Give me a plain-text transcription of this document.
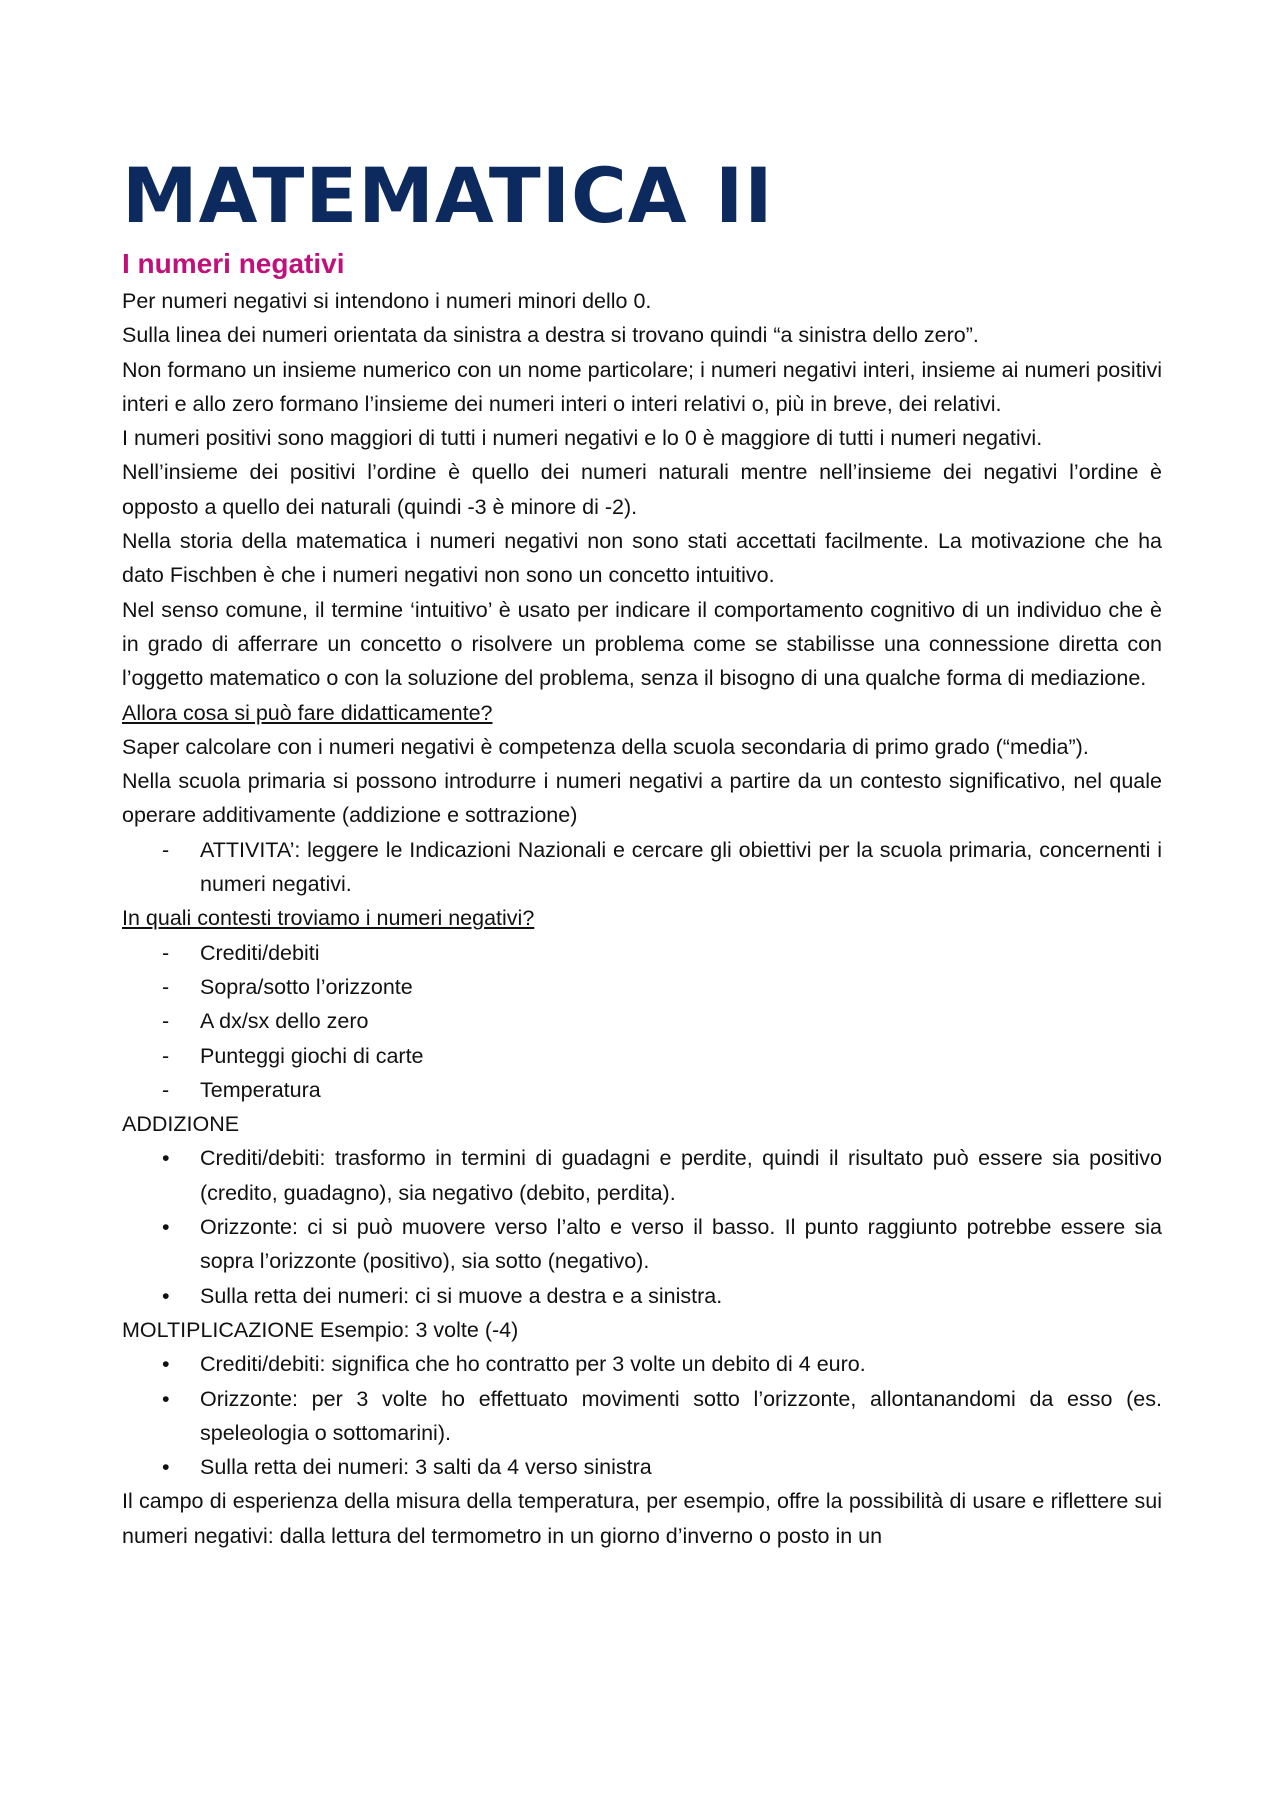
MATEMATICA II
I numeri negativi

Per numeri negativi si intendono i numeri minori dello 0.

Sulla linea dei numeri orientata da sinistra a destra si trovano quindi “a sinistra dello zero”.

Non formano un insieme numerico con un nome particolare; i numeri negativi interi, insieme ai numeri positivi interi e allo zero formano l’insieme dei numeri interi o interi relativi o, più in breve, dei relativi.

I numeri positivi sono maggiori di tutti i numeri negativi e lo 0 è maggiore di tutti i numeri negativi.

Nell’insieme dei positivi l’ordine è quello dei numeri naturali mentre nell’insieme dei negativi l’ordine è opposto a quello dei naturali (quindi -3 è minore di -2).

Nella storia della matematica i numeri negativi non sono stati accettati facilmente. La motivazione che ha dato Fischben è che i numeri negativi non sono un concetto intuitivo.

Nel senso comune, il termine ‘intuitivo’ è usato per indicare il comportamento cognitivo di un individuo che è in grado di afferrare un concetto o risolvere un problema come se stabilisse una connessione diretta con l’oggetto matematico o con la soluzione del problema, senza il bisogno di una qualche forma di mediazione.

Allora cosa si può fare didatticamente?

Saper calcolare con i numeri negativi è competenza della scuola secondaria di primo grado (“media”).

Nella scuola primaria si possono introdurre i numeri negativi a partire da un contesto significativo, nel quale operare additivamente (addizione e sottrazione)

- ATTIVITA’: leggere le Indicazioni Nazionali e cercare gli obiettivi per la scuola primaria, concernenti i numeri negativi.

In quali contesti troviamo i numeri negativi?

- Crediti/debiti
- Sopra/sotto l’orizzonte
- A dx/sx dello zero
- Punteggi giochi di carte
- Temperatura

ADDIZIONE

• Crediti/debiti: trasformo in termini di guadagni e perdite, quindi il risultato può essere sia positivo (credito, guadagno), sia negativo (debito, perdita).
• Orizzonte: ci si può muovere verso l’alto e verso il basso. Il punto raggiunto potrebbe essere sia sopra l’orizzonte (positivo), sia sotto (negativo).
• Sulla retta dei numeri: ci si muove a destra e a sinistra.

MOLTIPLICAZIONE Esempio: 3 volte (-4)

• Crediti/debiti: significa che ho contratto per 3 volte un debito di 4 euro.
• Orizzonte: per 3 volte ho effettuato movimenti sotto l’orizzonte, allontanandomi da esso (es. speleologia o sottomarini).
• Sulla retta dei numeri: 3 salti da 4 verso sinistra

Il campo di esperienza della misura della temperatura, per esempio, offre la possibilità di usare e riflettere sui numeri negativi: dalla lettura del termometro in un giorno d’inverno o posto in un
